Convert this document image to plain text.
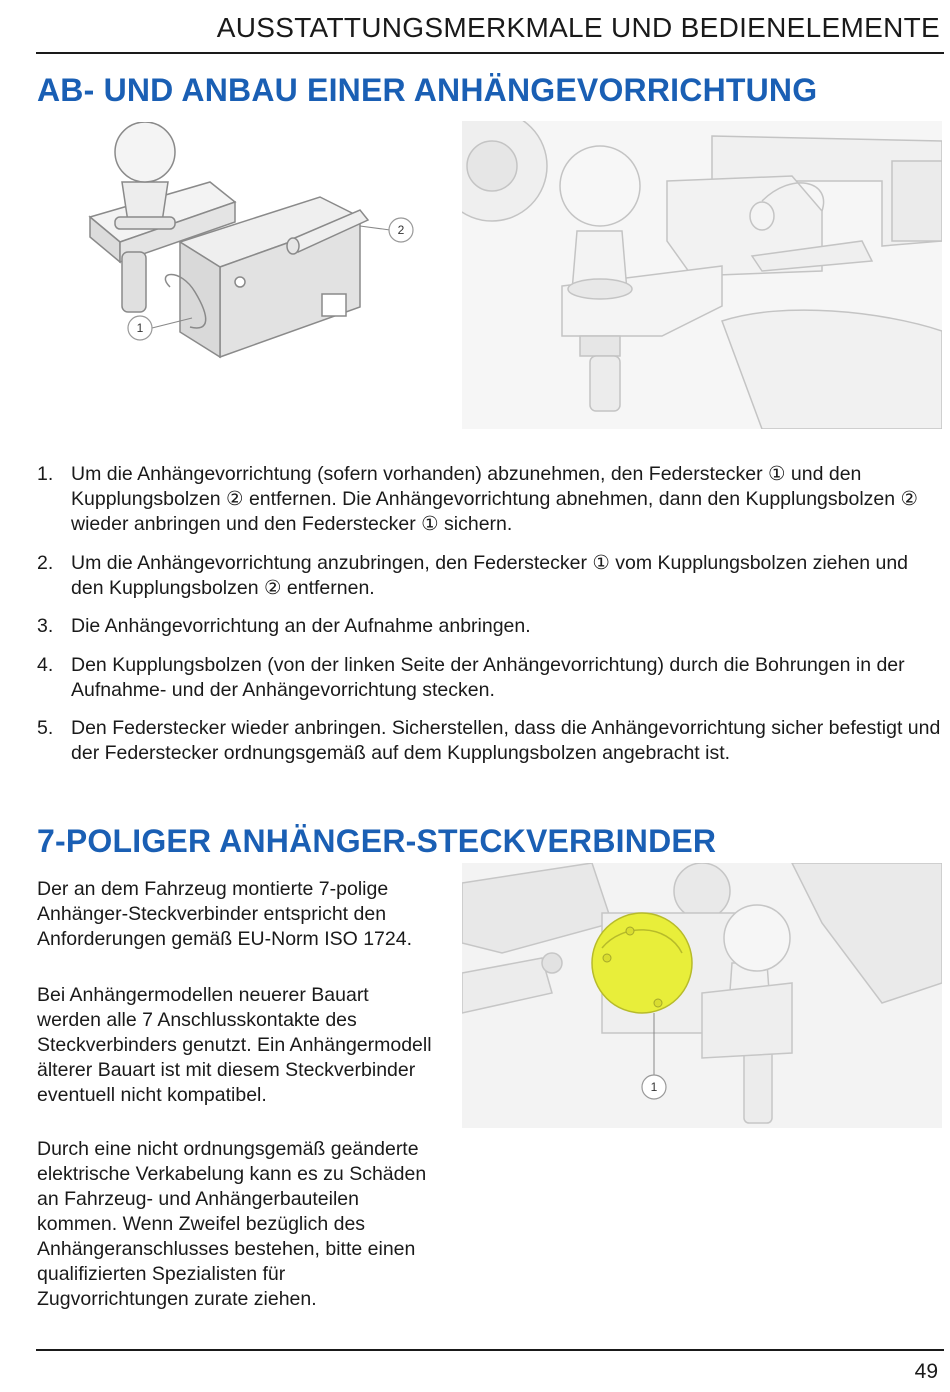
AUSSTATTUNGSMERKMALE UND BEDIENELEMENTE
AB- UND ANBAU EINER ANHÄNGEVORRICHTUNG
2
1
1. Um die Anhängevorrichtung (sofern vorhanden) abzunehmen, den Federstecker ① und den Kupplungsbolzen ② entfernen. Die Anhängevorrichtung abnehmen, dann den Kupplungsbolzen ② wieder anbringen und den Federstecker ① sichern.
2. Um die Anhängevorrichtung anzubringen, den Federstecker ① vom Kupplungsbolzen ziehen und den Kupplungsbolzen ② entfernen.
3. Die Anhängevorrichtung an der Aufnahme anbringen.
4. Den Kupplungsbolzen (von der linken Seite der Anhängevorrichtung) durch die Bohrungen in der Aufnahme- und der Anhängevorrichtung stecken.
5. Den Federstecker wieder anbringen. Sicherstellen, dass die Anhängevorrichtung sicher befestigt und der Federstecker ordnungsgemäß auf dem Kupplungsbolzen angebracht ist.
7-POLIGER ANHÄNGER-STECKVERBINDER

Der an dem Fahrzeug montierte 7-polige Anhänger-Steckverbinder entspricht den Anforderungen gemäß EU-Norm ISO 1724.

Bei Anhängermodellen neuerer Bauart werden alle 7 Anschlusskontakte des Steckverbinders genutzt. Ein Anhängermodell älterer Bauart ist mit diesem Steckverbinder eventuell nicht kompatibel.

Durch eine nicht ordnungsgemäß geänderte elektrische Verkabelung kann es zu Schäden an Fahrzeug- und Anhängerbauteilen kommen. Wenn Zweifel bezüglich des Anhängeranschlusses bestehen, bitte einen qualifizierten Spezialisten für Zugvorrichtungen zurate ziehen.

1
49
